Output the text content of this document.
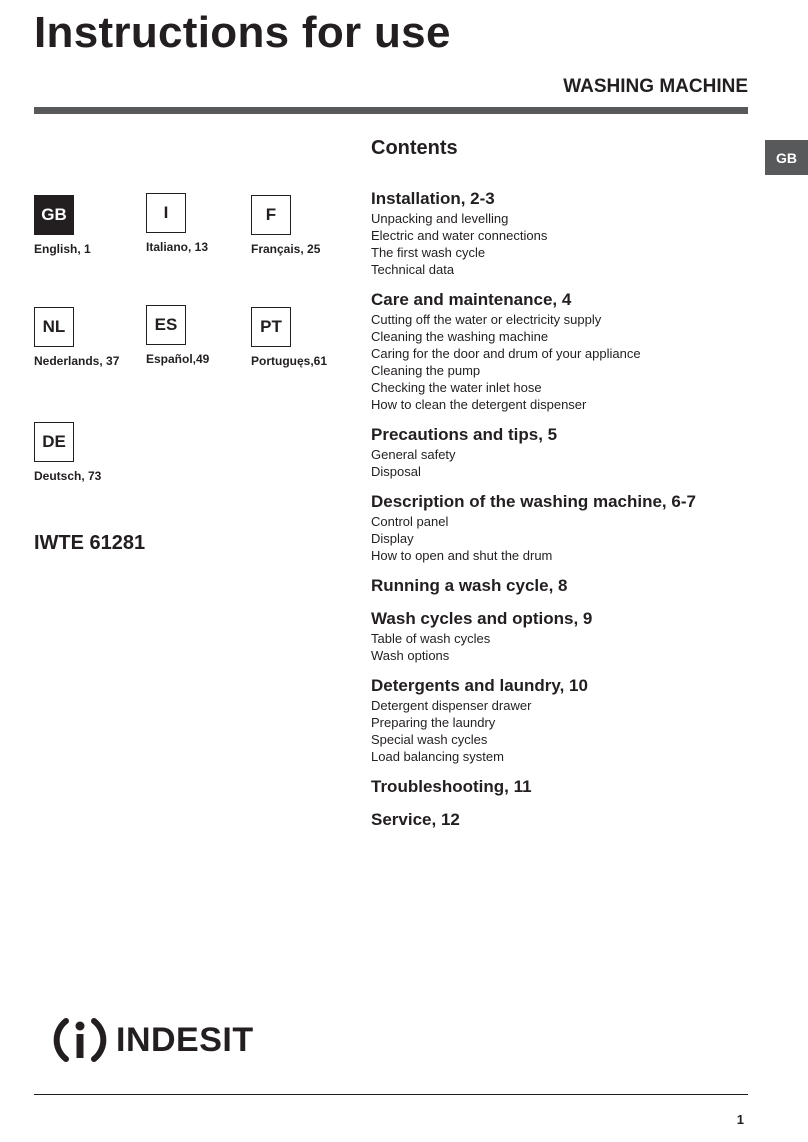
Instructions for use
WASHING MACHINE
GB
GB
English, 1
I
Italiano, 13
F
Français, 25
NL
Nederlands, 37
ES
Español,49
PT
Portuguęs,61
DE
Deutsch, 73
IWTE 61281
Contents
Installation, 2-3
Unpacking and levelling
Electric and water connections
The first wash cycle
Technical data
Care and maintenance, 4
Cutting off the water or electricity supply
Cleaning the washing machine
Caring for the door and drum of your appliance
Cleaning the pump
Checking the water inlet hose
How to clean the detergent dispenser
Precautions and tips, 5
General safety
Disposal
Description of the washing machine, 6-7
Control panel
Display
How to open and shut the drum
Running a wash cycle, 8
Wash cycles and options, 9
Table of wash cycles
Wash options
Detergents and laundry, 10
Detergent dispenser drawer
Preparing the laundry
Special wash cycles
Load balancing system
Troubleshooting, 11
Service, 12
INDESIT
1
